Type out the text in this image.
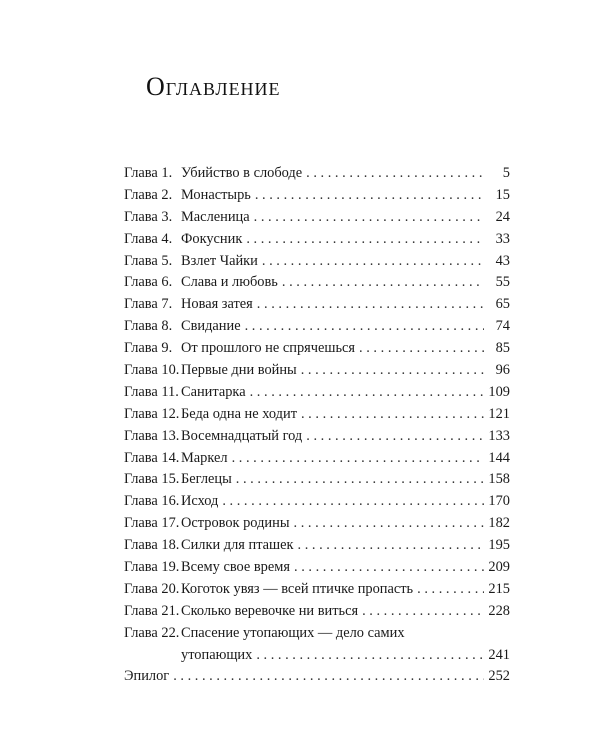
Оглавление
Глава 1. Убийство в слободе . . .	5
Глава 2. Монастырь . . .	15
Глава 3. Масленица . . .	24
Глава 4. Фокусник . . .	33
Глава 5. Взлет Чайки . . .	43
Глава 6. Слава и любовь . . .	55
Глава 7. Новая затея . . .	65
Глава 8. Свидание . . .	74
Глава 9. От прошлого не спрячешься . . .	85
Глава 10. Первые дни войны . . .	96
Глава 11. Санитарка . . .	109
Глава 12. Беда одна не ходит . . .	121
Глава 13. Восемнадцатый год . . .	133
Глава 14. Маркел . . .	144
Глава 15. Беглецы . . .	158
Глава 16. Исход . . .	170
Глава 17. Островок родины . . .	182
Глава 18. Силки для пташек . . .	195
Глава 19. Всему свое время . . .	209
Глава 20. Коготок увяз — всей птичке пропасть . . .	215
Глава 21. Сколько веревочке ни виться . . .	228
Глава 22. Спасение утопающих — дело самих
утопающих . . .	241
Эпилог . . .	252
